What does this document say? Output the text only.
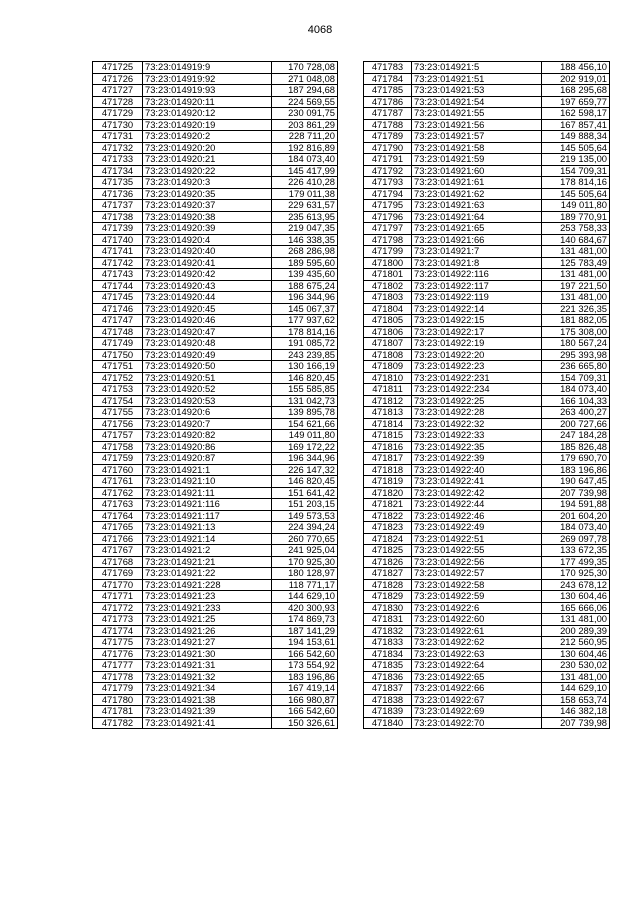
4068
471725	73:23:014919:9	170 728,08
471726	73:23:014919:92	271 048,08
471727	73:23:014919:93	187 294,68
471728	73:23:014920:11	224 569,55
471729	73:23:014920:12	230 091,75
471730	73:23:014920:19	203 861,29
471731	73:23:014920:2	228 711,20
471732	73:23:014920:20	192 816,89
471733	73:23:014920:21	184 073,40
471734	73:23:014920:22	145 417,99
471735	73:23:014920:3	226 410,28
471736	73:23:014920:35	179 011,38
471737	73:23:014920:37	229 631,57
471738	73:23:014920:38	235 613,95
471739	73:23:014920:39	219 047,35
471740	73:23:014920:4	146 338,35
471741	73:23:014920:40	268 286,98
471742	73:23:014920:41	189 595,60
471743	73:23:014920:42	139 435,60
471744	73:23:014920:43	188 675,24
471745	73:23:014920:44	196 344,96
471746	73:23:014920:45	145 067,37
471747	73:23:014920:46	177 937,62
471748	73:23:014920:47	178 814,16
471749	73:23:014920:48	191 085,72
471750	73:23:014920:49	243 239,85
471751	73:23:014920:50	130 166,19
471752	73:23:014920:51	146 820,45
471753	73:23:014920:52	155 585,85
471754	73:23:014920:53	131 042,73
471755	73:23:014920:6	139 895,78
471756	73:23:014920:7	154 621,66
471757	73:23:014920:82	149 011,80
471758	73:23:014920:86	169 172,22
471759	73:23:014920:87	196 344,96
471760	73:23:014921:1	226 147,32
471761	73:23:014921:10	146 820,45
471762	73:23:014921:11	151 641,42
471763	73:23:014921:116	151 203,15
471764	73:23:014921:117	149 573,53
471765	73:23:014921:13	224 394,24
471766	73:23:014921:14	260 770,65
471767	73:23:014921:2	241 925,04
471768	73:23:014921:21	170 925,30
471769	73:23:014921:22	180 128,97
471770	73:23:014921:228	118 771,17
471771	73:23:014921:23	144 629,10
471772	73:23:014921:233	420 300,93
471773	73:23:014921:25	174 869,73
471774	73:23:014921:26	187 141,29
471775	73:23:014921:27	194 153,61
471776	73:23:014921:30	166 542,60
471777	73:23:014921:31	173 554,92
471778	73:23:014921:32	183 196,86
471779	73:23:014921:34	167 419,14
471780	73:23:014921:38	166 980,87
471781	73:23:014921:39	166 542,60
471782	73:23:014921:41	150 326,61
471783	73:23:014921:5	188 456,10
471784	73:23:014921:51	202 919,01
471785	73:23:014921:53	168 295,68
471786	73:23:014921:54	197 659,77
471787	73:23:014921:55	162 598,17
471788	73:23:014921:56	167 857,41
471789	73:23:014921:57	149 888,34
471790	73:23:014921:58	145 505,64
471791	73:23:014921:59	219 135,00
471792	73:23:014921:60	154 709,31
471793	73:23:014921:61	178 814,16
471794	73:23:014921:62	145 505,64
471795	73:23:014921:63	149 011,80
471796	73:23:014921:64	189 770,91
471797	73:23:014921:65	253 758,33
471798	73:23:014921:66	140 684,67
471799	73:23:014921:7	131 481,00
471800	73:23:014921:8	125 783,49
471801	73:23:014922:116	131 481,00
471802	73:23:014922:117	197 221,50
471803	73:23:014922:119	131 481,00
471804	73:23:014922:14	221 326,35
471805	73:23:014922:15	181 882,05
471806	73:23:014922:17	175 308,00
471807	73:23:014922:19	180 567,24
471808	73:23:014922:20	295 393,98
471809	73:23:014922:23	236 665,80
471810	73:23:014922:231	154 709,31
471811	73:23:014922:234	184 073,40
471812	73:23:014922:25	166 104,33
471813	73:23:014922:28	263 400,27
471814	73:23:014922:32	200 727,66
471815	73:23:014922:33	247 184,28
471816	73:23:014922:35	185 826,48
471817	73:23:014922:39	179 690,70
471818	73:23:014922:40	183 196,86
471819	73:23:014922:41	190 647,45
471820	73:23:014922:42	207 739,98
471821	73:23:014922:44	194 591,88
471822	73:23:014922:46	201 604,20
471823	73:23:014922:49	184 073,40
471824	73:23:014922:51	269 097,78
471825	73:23:014922:55	133 672,35
471826	73:23:014922:56	177 499,35
471827	73:23:014922:57	170 925,30
471828	73:23:014922:58	243 678,12
471829	73:23:014922:59	130 604,46
471830	73:23:014922:6	165 666,06
471831	73:23:014922:60	131 481,00
471832	73:23:014922:61	200 289,39
471833	73:23:014922:62	212 560,95
471834	73:23:014922:63	130 604,46
471835	73:23:014922:64	230 530,02
471836	73:23:014922:65	131 481,00
471837	73:23:014922:66	144 629,10
471838	73:23:014922:67	158 653,74
471839	73:23:014922:69	146 382,18
471840	73:23:014922:70	207 739,98
